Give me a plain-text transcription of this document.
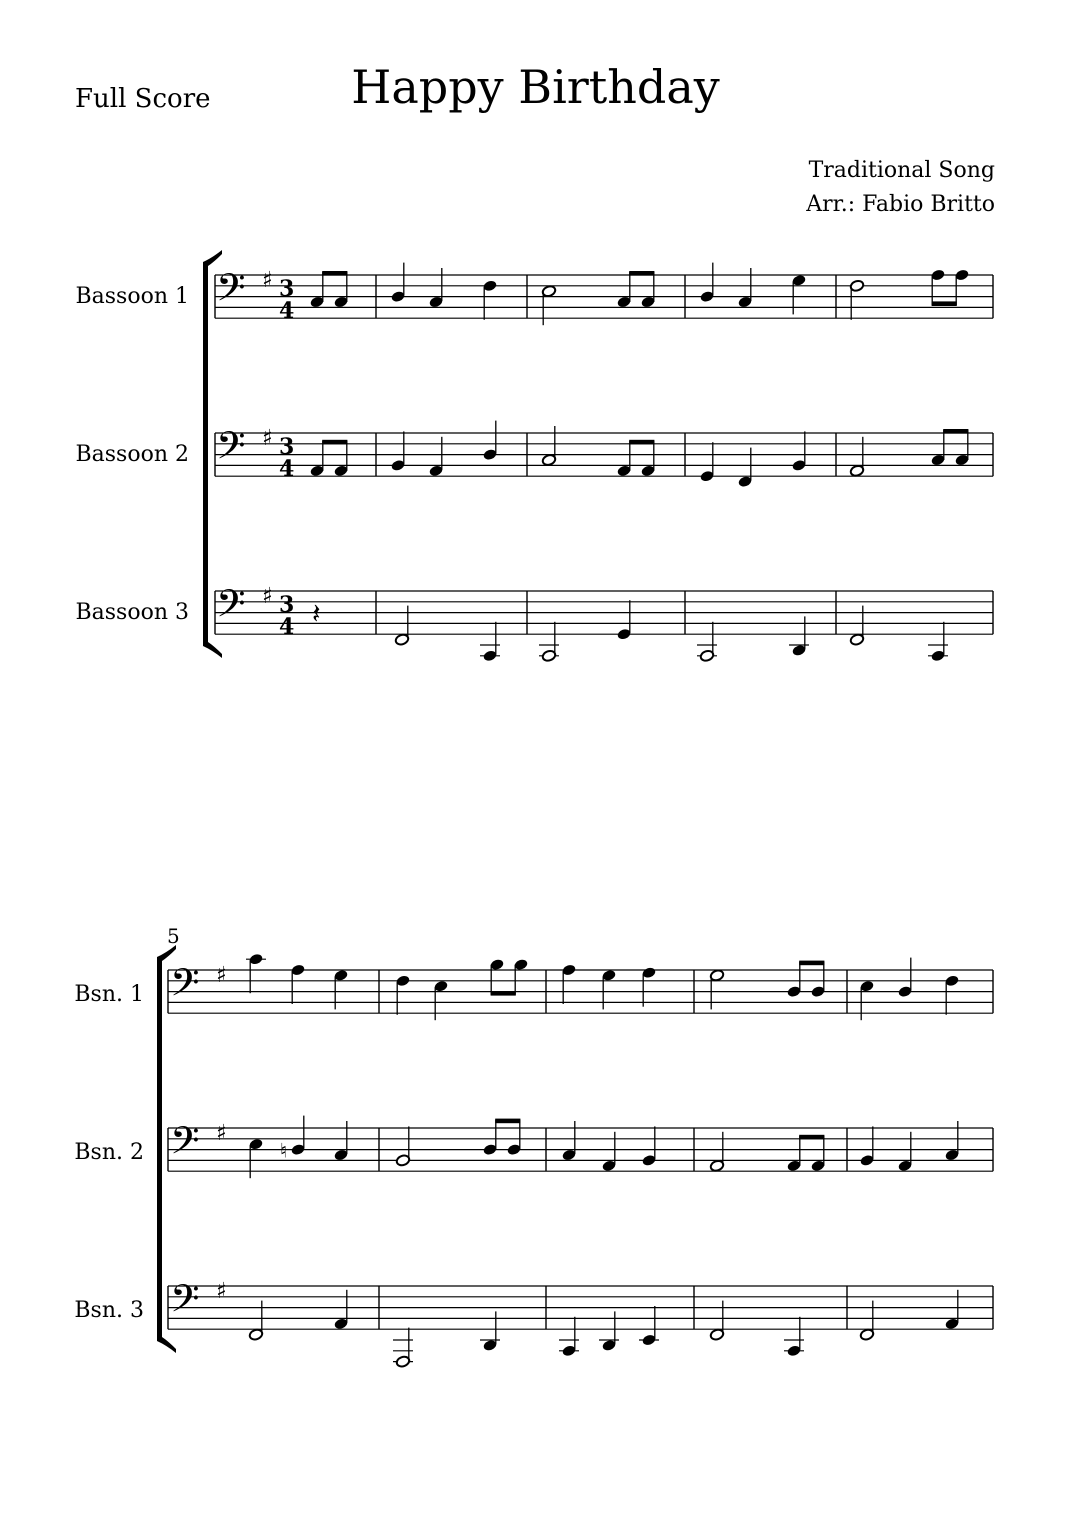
Happy Birthday
Full Score
Traditional Song
Arr.: Fabio Britto
Bassoon 1
Bassoon 2
Bassoon 3
5
Bsn. 1
Bsn. 2
Bsn. 3
𝄢 ♯ 3
4
𝄢 ♯ 3
4
𝄢 ♯ 3
4 𝄽
𝄢 ♯
𝄢 ♯
𝄢 ♯
♮
